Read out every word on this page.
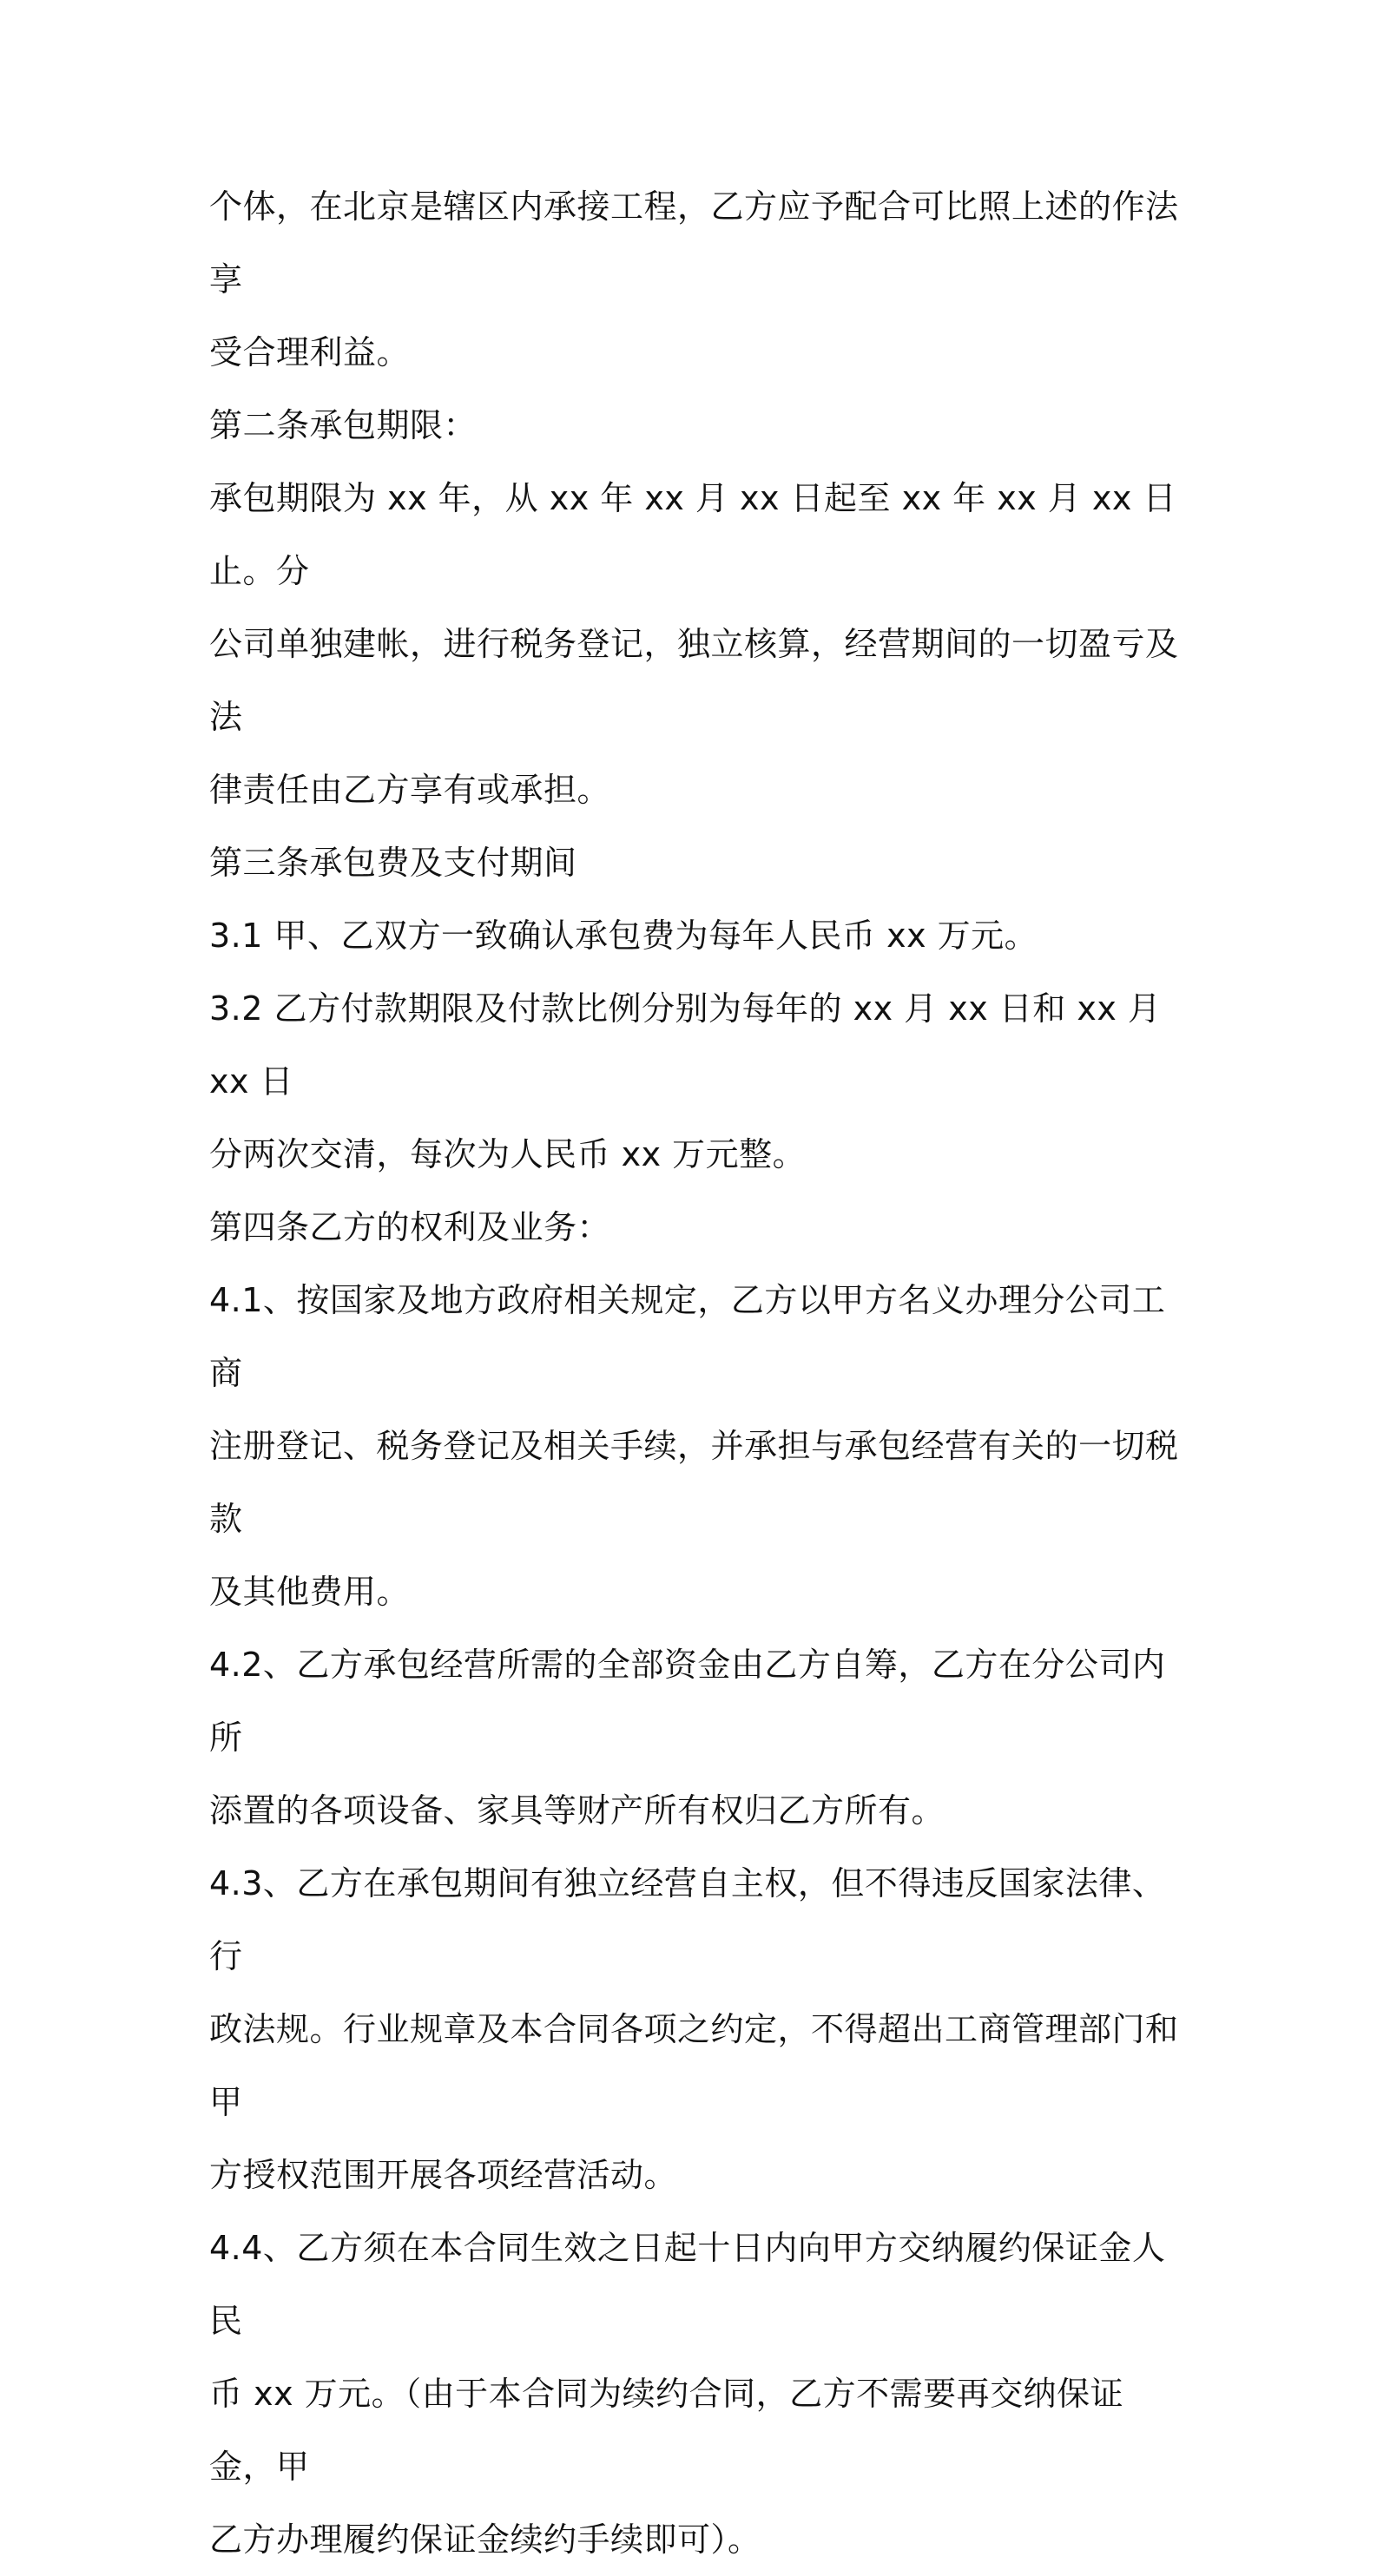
个体，在北京是辖区内承接工程，乙方应予配合可比照上述的作法享
受合理利益。

第二条承包期限：

承包期限为 xx 年，从 xx 年 xx 月 xx 日起至 xx 年 xx 月 xx 日止。分
公司单独建帐，进行税务登记，独立核算，经营期间的一切盈亏及法
律责任由乙方享有或承担。

第三条承包费及支付期间

3.1 甲、乙双方一致确认承包费为每年人民币 xx 万元。

3.2 乙方付款期限及付款比例分别为每年的 xx 月 xx 日和 xx 月 xx 日
分两次交清，每次为人民币 xx 万元整。

第四条乙方的权利及业务：

4.1、按国家及地方政府相关规定，乙方以甲方名义办理分公司工商
注册登记、税务登记及相关手续，并承担与承包经营有关的一切税款
及其他费用。

4.2、乙方承包经营所需的全部资金由乙方自筹，乙方在分公司内所
添置的各项设备、家具等财产所有权归乙方所有。

4.3、乙方在承包期间有独立经营自主权，但不得违反国家法律、行
政法规。行业规章及本合同各项之约定，不得超出工商管理部门和甲
方授权范围开展各项经营活动。

4.4、乙方须在本合同生效之日起十日内向甲方交纳履约保证金人民
币 xx 万元。（由于本合同为续约合同，乙方不需要再交纳保证金，甲
乙方办理履约保证金续约手续即可）。
